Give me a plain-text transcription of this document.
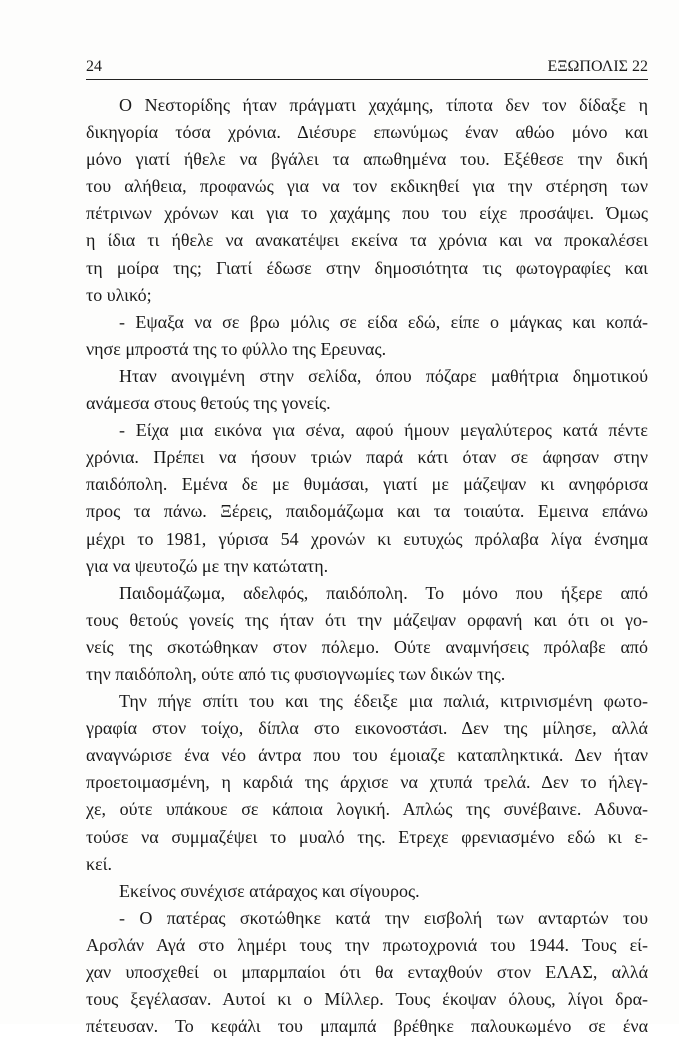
24	ΕΞΩΠΟΛΙΣ 22
Ο Νεστορίδης ήταν πράγματι χαχάμης, τίποτα δεν τον δίδαξε η
δικηγορία τόσα χρόνια. Διέσυρε επωνύμως έναν αθώο μόνο και
μόνο γιατί ήθελε να βγάλει τα απωθημένα του. Εξέθεσε την δική
του αλήθεια, προφανώς για να τον εκδικηθεί για την στέρηση των
πέτρινων χρόνων και για το χαχάμης που του είχε προσάψει. Όμως
η ίδια τι ήθελε να ανακατέψει εκείνα τα χρόνια και να προκαλέσει
τη μοίρα της; Γιατί έδωσε στην δημοσιότητα τις φωτογραφίες και
το υλικό;
- Εψαξα να σε βρω μόλις σε είδα εδώ, είπε ο μάγκας και κοπά-
νησε μπροστά της το φύλλο της Ερευνας.
Ηταν ανοιγμένη στην σελίδα, όπου πόζαρε μαθήτρια δημοτικού
ανάμεσα στους θετούς της γονείς.
- Είχα μια εικόνα για σένα, αφού ήμουν μεγαλύτερος κατά πέντε
χρόνια. Πρέπει να ήσουν τριών παρά κάτι όταν σε άφησαν στην
παιδόπολη. Εμένα δε με θυμάσαι, γιατί με μάζεψαν κι ανηφόρισα
προς τα πάνω. Ξέρεις, παιδομάζωμα και τα τοιαύτα. Εμεινα επάνω
μέχρι το 1981, γύρισα 54 χρονών κι ευτυχώς πρόλαβα λίγα ένσημα
για να ψευτοζώ με την κατώτατη.
Παιδομάζωμα, αδελφός, παιδόπολη. Το μόνο που ήξερε από
τους θετούς γονείς της ήταν ότι την μάζεψαν ορφανή και ότι οι γο-
νείς της σκοτώθηκαν στον πόλεμο. Ούτε αναμνήσεις πρόλαβε από
την παιδόπολη, ούτε από τις φυσιογνωμίες των δικών της.
Την πήγε σπίτι του και της έδειξε μια παλιά, κιτρινισμένη φωτο-
γραφία στον τοίχο, δίπλα στο εικονοστάσι. Δεν της μίλησε, αλλά
αναγνώρισε ένα νέο άντρα που του έμοιαζε καταπληκτικά. Δεν ήταν
προετοιμασμένη, η καρδιά της άρχισε να χτυπά τρελά. Δεν το ήλεγ-
χε, ούτε υπάκουε σε κάποια λογική. Απλώς της συνέβαινε. Αδυνα-
τούσε να συμμαζέψει το μυαλό της. Ετρεχε φρενιασμένο εδώ κι ε-
κεί.
Εκείνος συνέχισε ατάραχος και σίγουρος.
- Ο πατέρας σκοτώθηκε κατά την εισβολή των ανταρτών του
Αρσλάν Αγά στο λημέρι τους την πρωτοχρονιά του 1944. Τους εί-
χαν υποσχεθεί οι μπαρμπαίοι ότι θα ενταχθούν στον ΕΛΑΣ, αλλά
τους ξεγέλασαν. Αυτοί κι ο Μίλλερ. Τους έκοψαν όλους, λίγοι δρα-
πέτευσαν. Το κεφάλι του μπαμπά βρέθηκε παλουκωμένο σε ένα
